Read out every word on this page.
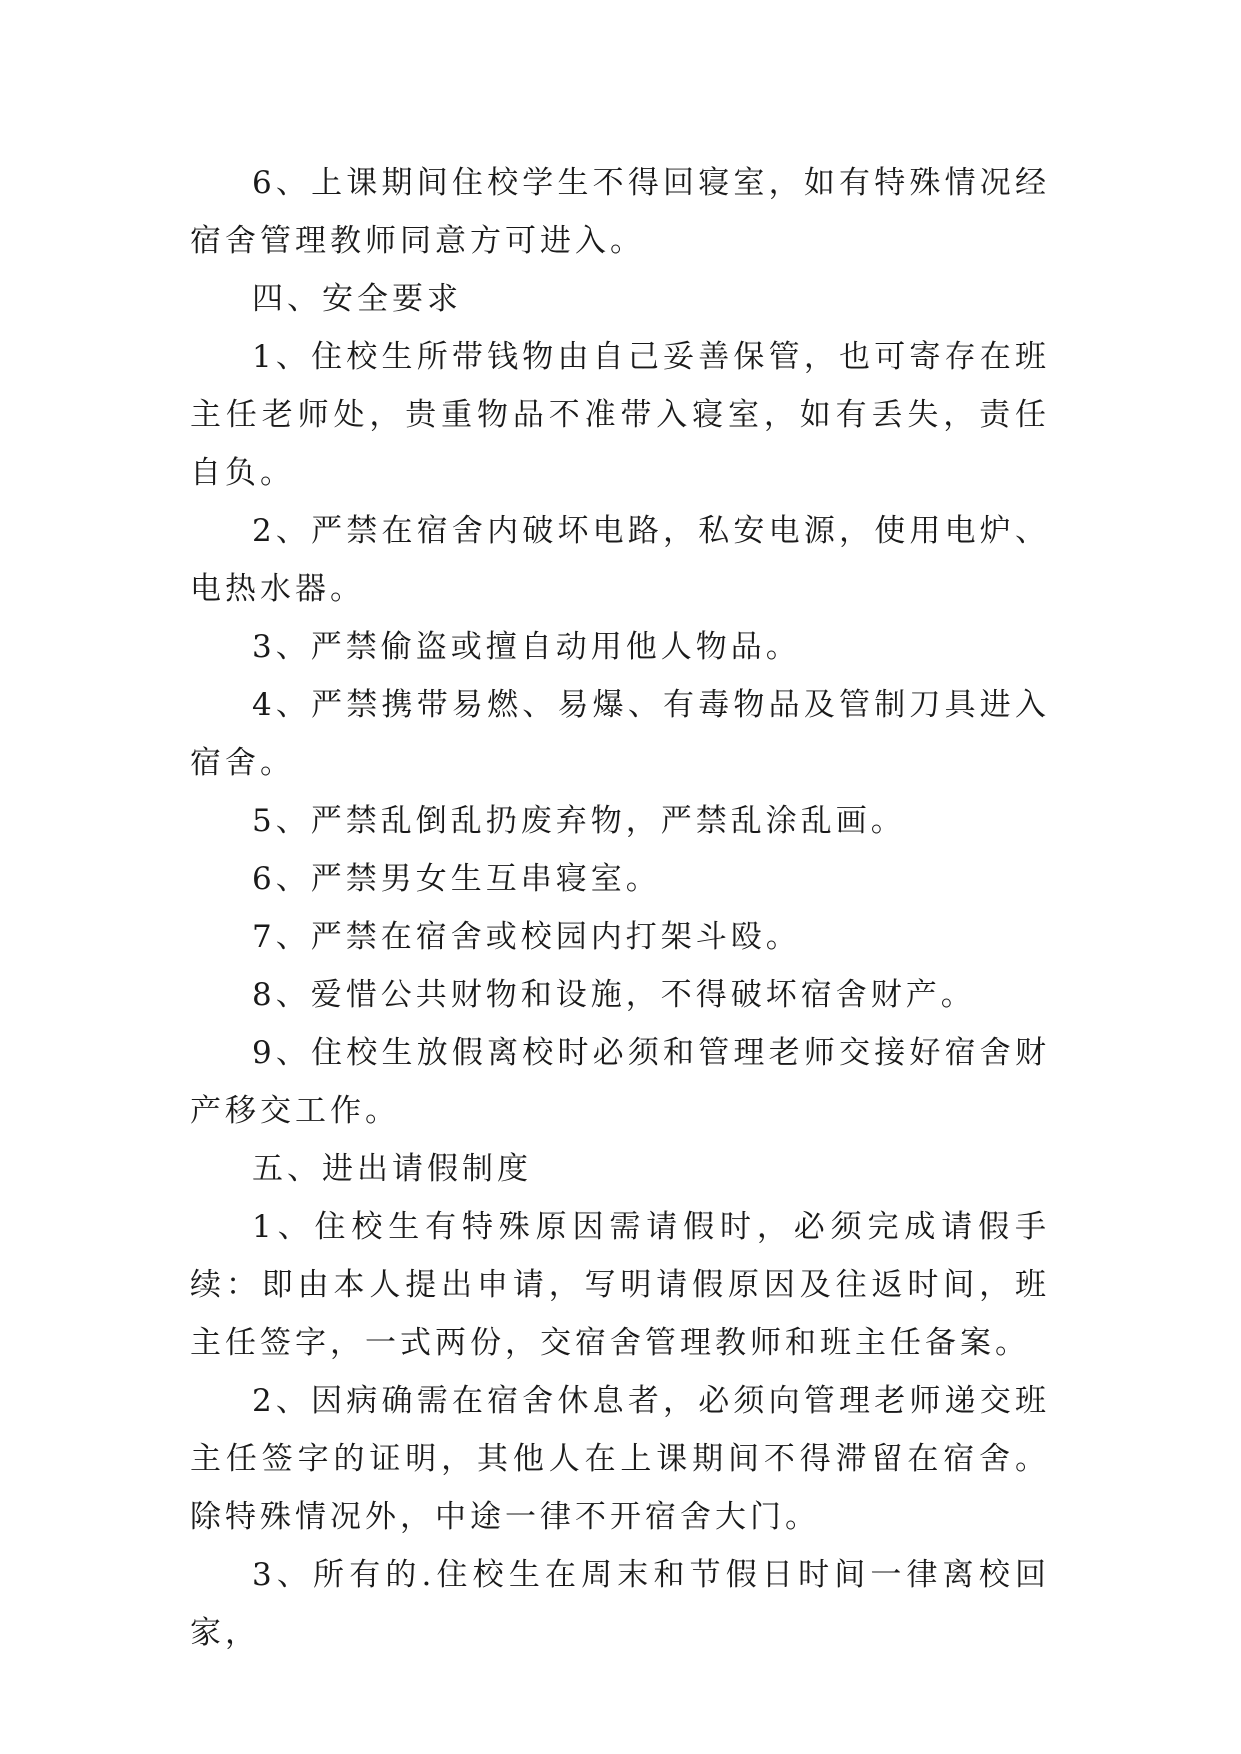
6、上课期间住校学生不得回寝室，如有特殊情况经宿舍管理教师同意方可进入。

四、安全要求

1、住校生所带钱物由自己妥善保管，也可寄存在班主任老师处，贵重物品不准带入寝室，如有丢失，责任自负。

2、严禁在宿舍内破坏电路，私安电源，使用电炉、电热水器。

3、严禁偷盗或擅自动用他人物品。

4、严禁携带易燃、易爆、有毒物品及管制刀具进入宿舍。

5、严禁乱倒乱扔废弃物，严禁乱涂乱画。

6、严禁男女生互串寝室。

7、严禁在宿舍或校园内打架斗殴。

8、爱惜公共财物和设施，不得破坏宿舍财产。

9、住校生放假离校时必须和管理老师交接好宿舍财产移交工作。

五、进出请假制度

1、住校生有特殊原因需请假时，必须完成请假手续：即由本人提出申请，写明请假原因及往返时间，班主任签字，一式两份，交宿舍管理教师和班主任备案。

2、因病确需在宿舍休息者，必须向管理老师递交班主任签字的证明，其他人在上课期间不得滞留在宿舍。除特殊情况外，中途一律不开宿舍大门。

3、所有的.住校生在周末和节假日时间一律离校回家，
